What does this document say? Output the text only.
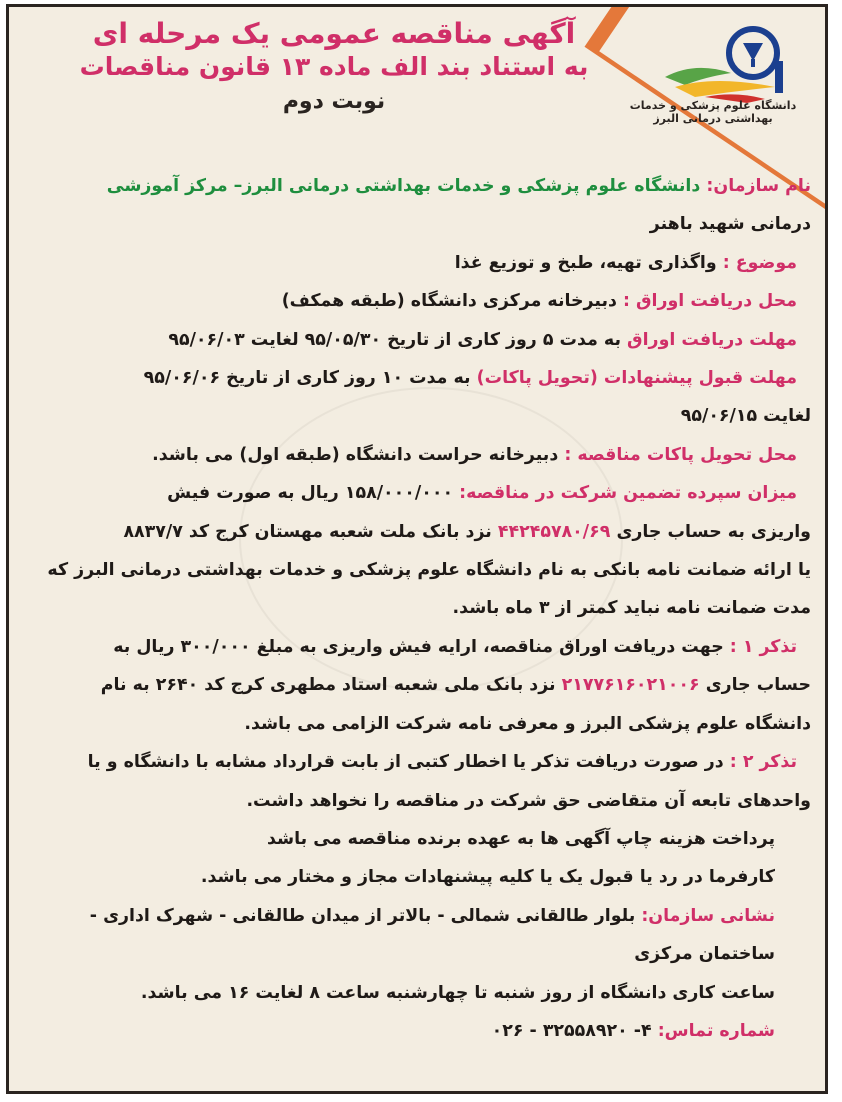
دانشگاه علوم پزشکی و خدمات بهداشتی درمانی البرز
آگهی مناقصه عمومی یک مرحله ای
به استناد بند الف ماده ۱۳ قانون مناقصات
نوبت دوم
نام سازمان: دانشگاه علوم پزشکی و خدمات بهداشتی درمانی البرز– مرکز آموزشی
درمانی شهید باهنر
موضوع : واگذاری تهیه، طبخ و توزیع غذا
محل دریافت اوراق : دبیرخانه مرکزی دانشگاه (طبقه همکف)
مهلت دریافت اوراق به مدت ۵ روز کاری از تاریخ ۹۵/۰۵/۳۰ لغایت ۹۵/۰۶/۰۳
مهلت قبول پیشنهادات (تحویل پاکات) به مدت ۱۰ روز کاری از تاریخ ۹۵/۰۶/۰۶
لغایت ۹۵/۰۶/۱۵
محل تحویل پاکات مناقصه : دبیرخانه حراست دانشگاه (طبقه اول) می باشد.
میزان سپرده تضمین شرکت در مناقصه: ۱۵۸/۰۰۰/۰۰۰ ریال به صورت فیش
واریزی به حساب جاری ۴۴۲۴۵۷۸۰/۶۹ نزد بانک ملت شعبه مهستان کرج کد ۸۸۳۷/۷
یا ارائه ضمانت نامه بانکی به نام دانشگاه علوم پزشکی و خدمات بهداشتی درمانی البرز که
مدت ضمانت نامه نباید کمتر از ۳ ماه باشد.
تذکر ۱ : جهت دریافت اوراق مناقصه، ارایه فیش واریزی به مبلغ ۳۰۰/۰۰۰ ریال به
حساب جاری ۲۱۷۷۶۱۶۰۲۱۰۰۶ نزد بانک ملی شعبه استاد مطهری کرج کد ۲۶۴۰ به نام
دانشگاه علوم پزشکی البرز و معرفی نامه شرکت الزامی می باشد.
تذکر ۲ : در صورت دریافت تذکر یا اخطار کتبی از بابت قرارداد مشابه با دانشگاه و یا
واحدهای تابعه آن متقاضی حق شرکت در مناقصه را نخواهد داشت.
پرداخت هزینه چاپ آگهی ها به عهده برنده مناقصه می باشد
کارفرما در رد یا قبول یک یا کلیه پیشنهادات مجاز و مختار می باشد.
نشانی سازمان: بلوار طالقانی شمالی - بالاتر از میدان طالقانی - شهرک اداری -
ساختمان مرکزی
ساعت کاری دانشگاه از روز شنبه تا چهارشنبه ساعت ۸ لغایت ۱۶ می باشد.
شماره تماس: ۴- ۳۲۵۵۸۹۲۰ - ۰۲۶
